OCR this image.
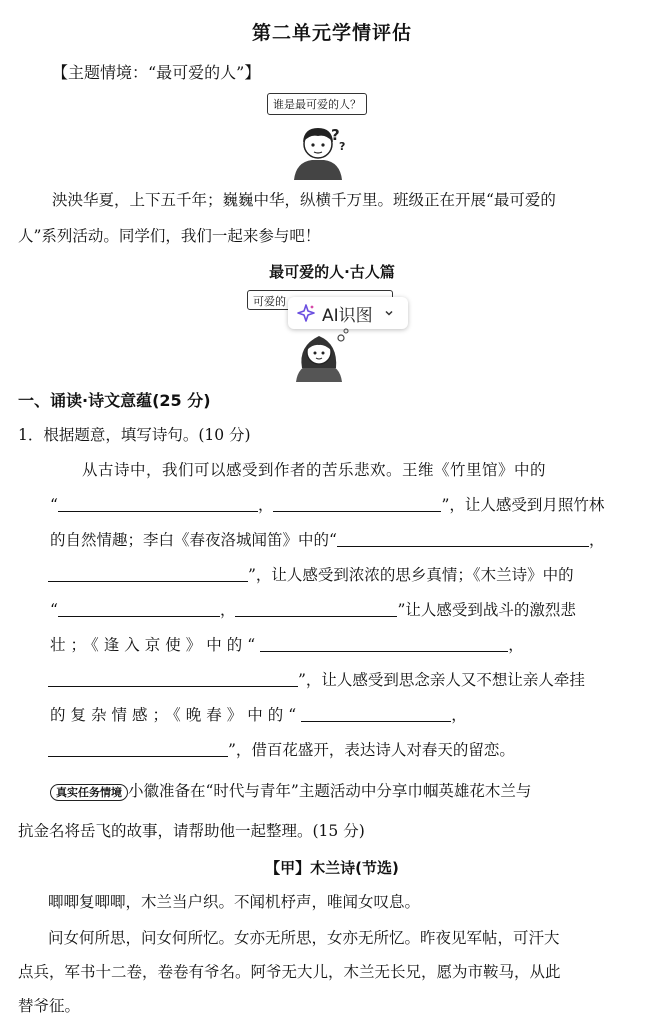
第二单元学情评估
【主题情境：“最可爱的人”】
谁是最可爱的人？
?
?
泱泱华夏，上下五千年；巍巍中华，纵横千万里。班级正在开展“最可爱的
人”系列活动。同学们，我们一起来参与吧！
最可爱的人·古人篇
可爱的
AI识图
一、诵读·诗文意蕴(25 分)
1．根据题意，填写诗句。(10 分)
从古诗中，我们可以感受到作者的苦乐悲欢。王维《竹里馆》中的
“	，	”，让人感受到月照竹林
的自然情趣；李白《春夜洛城闻笛》中的“	，
”，让人感受到浓浓的思乡真情；《木兰诗》中的
“	，	”让人感受到战斗的激烈悲
壮；《逢入京使》中的“	，
”，让人感受到思念亲人又不想让亲人牵挂
的复杂情感；《晚春》中的“	，
”，借百花盛开，表达诗人对春天的留恋。
真实任务情境 小徽准备在“时代与青年”主题活动中分享巾帼英雄花木兰与
抗金名将岳飞的故事，请帮助他一起整理。(15 分)
【甲】木兰诗(节选)
唧唧复唧唧，木兰当户织。不闻机杼声，唯闻女叹息。
问女何所思，问女何所忆。女亦无所思，女亦无所忆。昨夜见军帖，可汗大
点兵，军书十二卷，卷卷有爷名。阿爷无大儿，木兰无长兄，愿为市鞍马，从此
替爷征。
